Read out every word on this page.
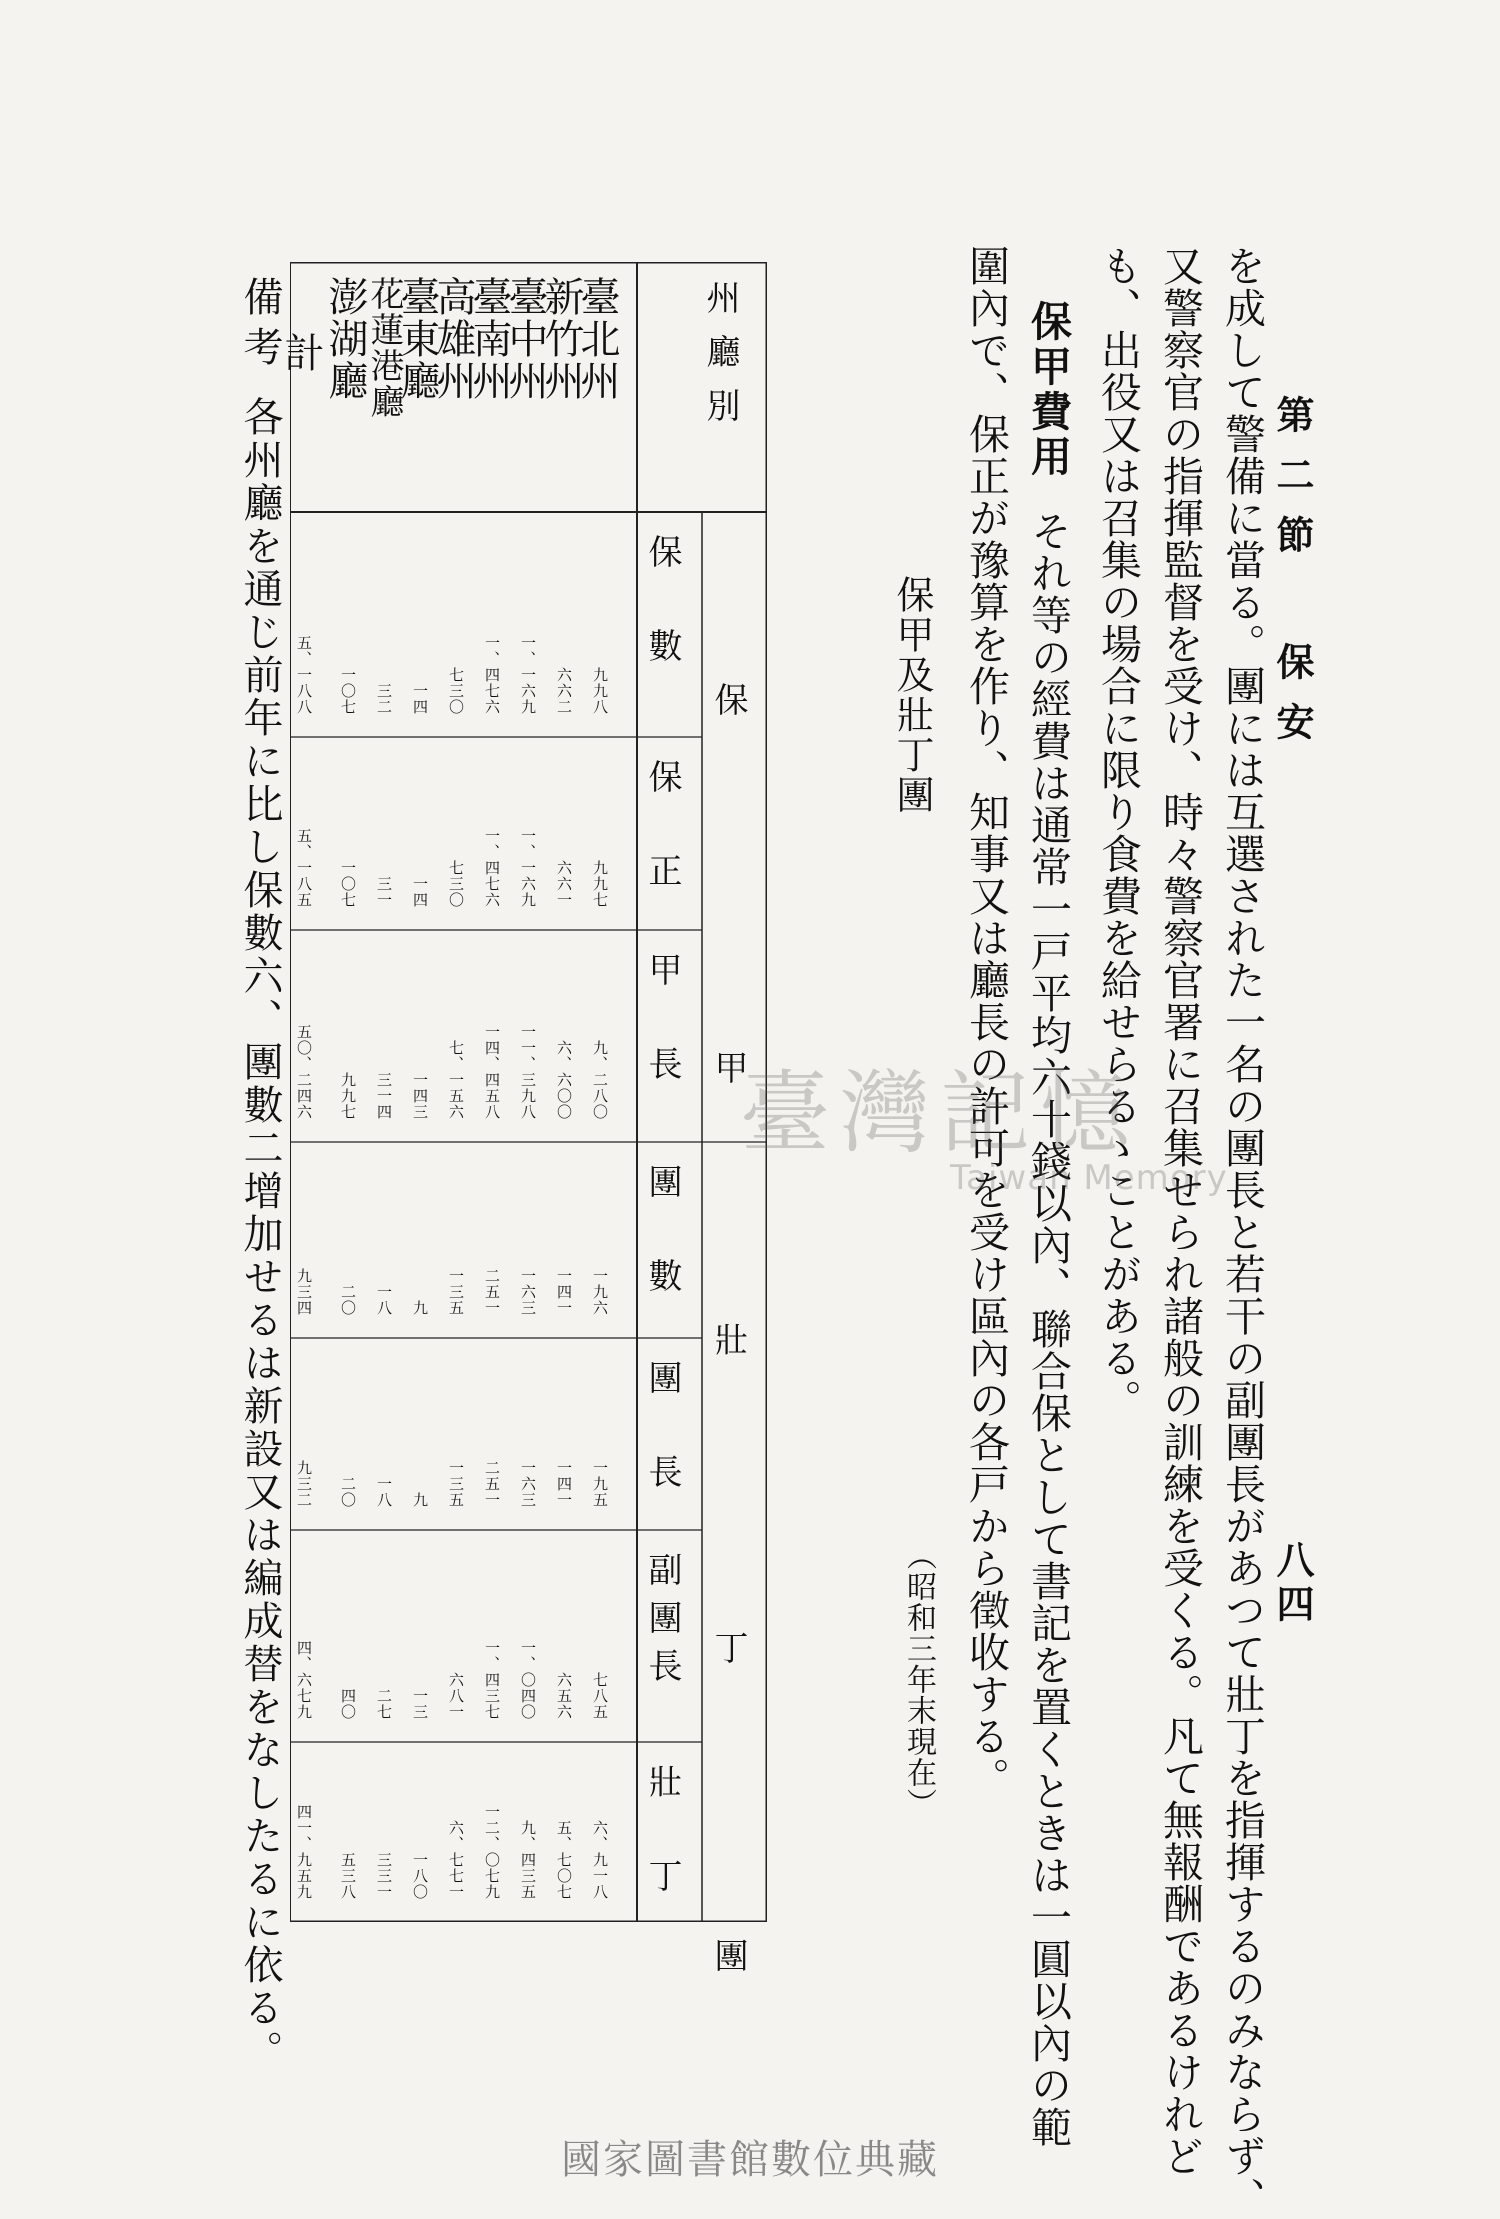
第二節 保安
八四
を成して警備に當る。團には互選された一名の團長と若干の副團長があつて壯丁を指揮するのみならず、
又警察官の指揮監督を受け、時々警察官署に召集せられ諸般の訓練を受くる。凡て無報酬であるけれど
も、出役又は召集の場合に限り食費を給せらるゝことがある。
保甲費用それ等の經費は通常一戸平均六十錢以內、聯合保として書記を置くときは一圓以內の範
圍內で、保正が豫算を作り、知事又は廳長の許可を受け區內の各戸から徵收する。
保甲及壯丁團
（昭和三年末現在）
州廳別
保　甲
壯　丁　團
保數
保正
甲長
團數
團長
副團長
壯丁
臺北州
九九八
九九七
九、二八〇
一九六
一九五
七八五
六、九一八
新竹州
六六二
六六一
六、六〇〇
一四一
一四一
六五六
五、七〇七
臺中州
一、一六九
一、一六九
一一、三九八
一六三
一六三
一、〇四〇
九、四三五
臺南州
一、四七六
一、四七六
一四、四五八
二五一
二五一
一、四三七
一二、〇七九
高雄州
七三〇
七三〇
七、一五六
一三五
一三五
六八一
六、七七一
臺東廳
一四
一四
一四三
九
九
一三
一八〇
花蓮港廳
三二
三一
三一四
一八
一八
二七
三三一
澎湖廳
一〇七
一〇七
九九七
二〇
二〇
四〇
五三八
計
五、一八八
五、一八五
五〇、二四六
九三四
九三二
四、六七九
四一、九五九
備考各州廳を通じ前年に比し保數六、團數二增加せるは新設又は編成替をなしたるに依る。	臺灣記憶
Taiwan Memory
國家圖書館數位典藏
